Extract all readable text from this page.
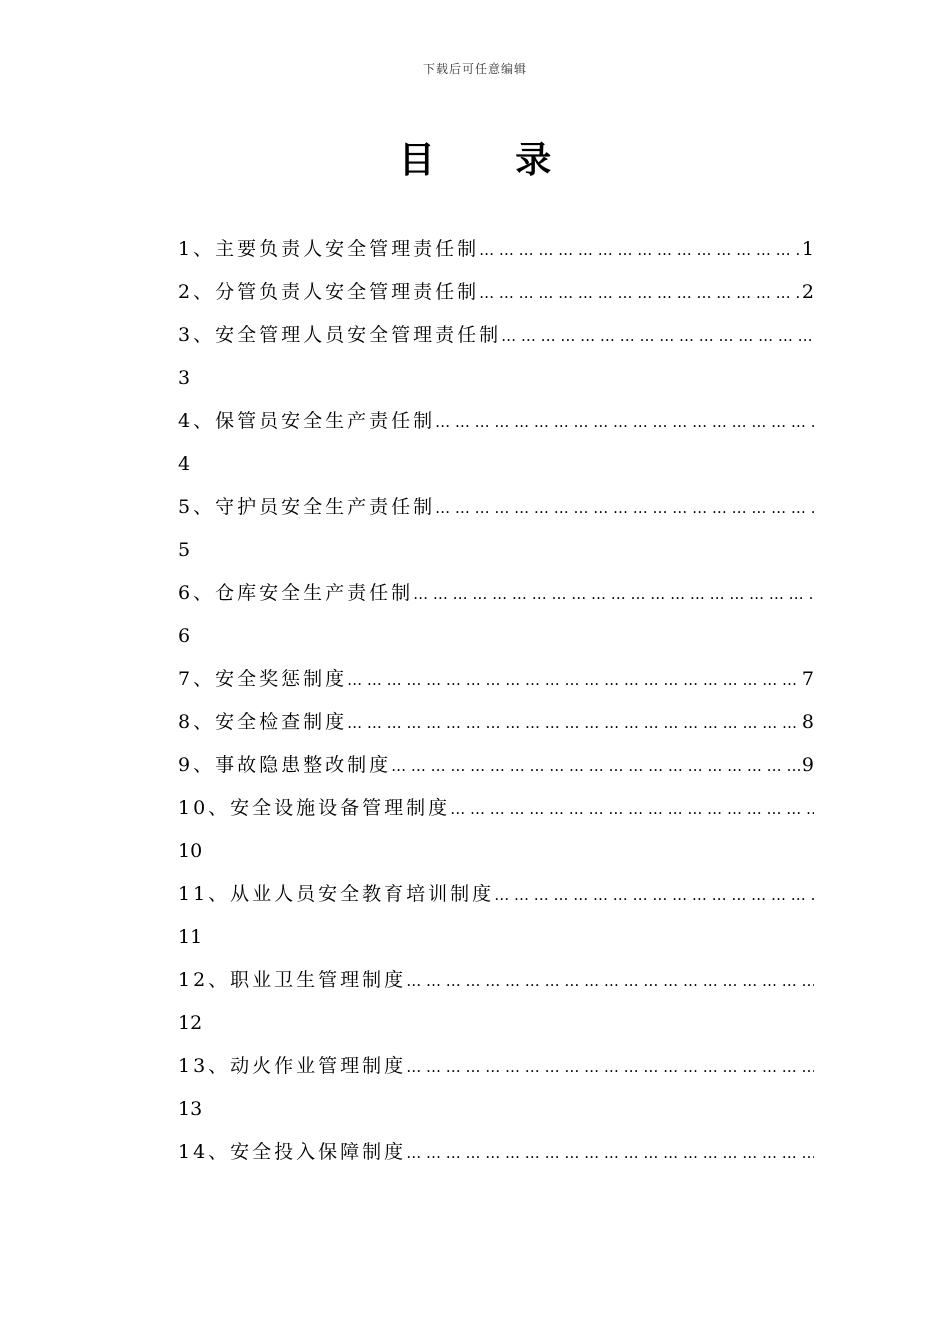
下载后可任意编辑
目 录
1、主要负责人安全管理责任制 … … … … … … … … … … … … … … … … … … … … … … … … … … … … … … … … … … … … … … … … … … … … … …	1
2、分管负责人安全管理责任制 … … … … … … … … … … … … … … … … … … … … … … … … … … … … … … … … … … … … … … … … … … … … … …	2
3、安全管理人员安全管理责任制
… … … … … … … … … … … … … … … … … … … … … … … … … … … … … … … … … … … … … … … … … … … … … …
3
4、保管员安全生产责任制
… … … … … … … … … … … … … … … … … … … … … … … … … … … … … … … … … … … … … … … … … … … … … …
4
5、守护员安全生产责任制
… … … … … … … … … … … … … … … … … … … … … … … … … … … … … … … … … … … … … … … … … … … … … …
5
6、仓库安全生产责任制
… … … … … … … … … … … … … … … … … … … … … … … … … … … … … … … … … … … … … … … … … … … … … …
6
7、安全奖惩制度 … … … … … … … … … … … … … … … … … … … … … … … … … … … … … … … … … … … … … … … … … … … … … …	7
8、安全检查制度 … … … … … … … … … … … … … … … … … … … … … … … … … … … … … … … … … … … … … … … … … … … … … …	8
9、事故隐患整改制度 … … … … … … … … … … … … … … … … … … … … … … … … … … … … … … … … … … … … … … … … … … … … … …	9
10、安全设施设备管理制度
… … … … … … … … … … … … … … … … … … … … … … … … … … … … … … … … … … … … … … … … … … … … … …
10
11、从业人员安全教育培训制度
… … … … … … … … … … … … … … … … … … … … … … … … … … … … … … … … … … … … … … … … … … … … … …
11
12、职业卫生管理制度
… … … … … … … … … … … … … … … … … … … … … … … … … … … … … … … … … … … … … … … … … … … … … …
12
13、动火作业管理制度
… … … … … … … … … … … … … … … … … … … … … … … … … … … … … … … … … … … … … … … … … … … … … …
13
14、安全投入保障制度
… … … … … … … … … … … … … … … … … … … … … … … … … … … … … … … … … … … … … … … … … … … … … …
